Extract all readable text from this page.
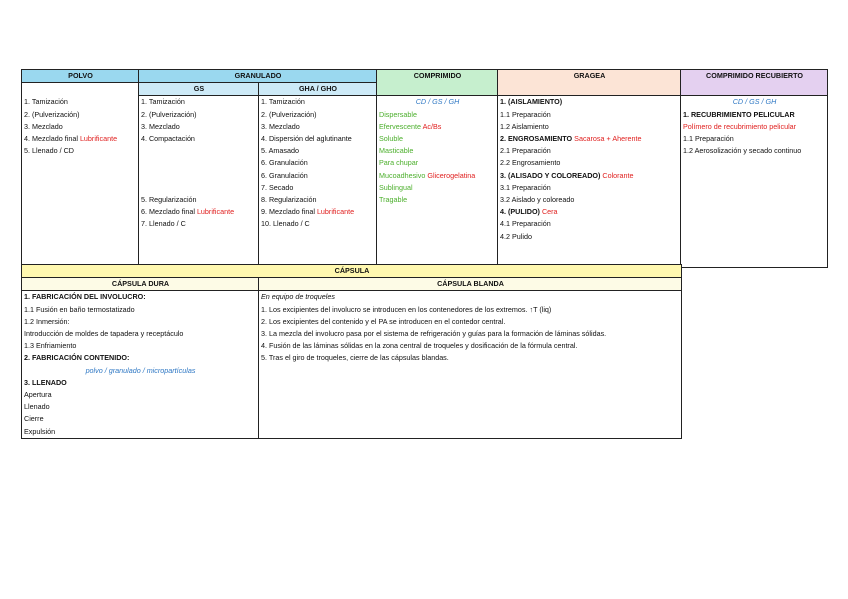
POLVO	GRANULADO		COMPRIMIDO	GRAGEA	COMPRIMIDO RECUBIERTO
	GS	GHA / GHO			
1. Tamización	1. Tamización	1. Tamización	CD / GS / GH	1. (AISLAMIENTO)	CD / GS / GH
2. (Pulverización)	2. (Pulverización)	2. (Pulverización)	Dispersable	1.1 Preparación	1. RECUBRIMIENTO PELICULAR
3. Mezclado	3. Mezclado	3. Mezclado	Efervescente Ac/Bs	1.2 Aislamiento	Polímero de recubrimiento pelicular
4. Mezclado final Lubrificante	4. Compactación	4. Dispersión del aglutinante	Soluble	2. ENGROSAMIENTO Sacarosa + Aherente	1.1 Preparación
5. Llenado / CD		5. Amasado	Masticable	2.1 Preparación	1.2 Aerosolización y secado continuo
		6. Granulación	Para chupar	2.2 Engrosamiento	
		6. Granulación	Mucoadhesivo Glicerogelatina	3. (ALISADO Y COLOREADO) Colorante	
		7. Secado	Sublingual	3.1 Preparación	
	5. Regularización	8. Regularización	Tragable	3.2 Aislado y coloreado	
	6. Mezclado final Lubrificante	9. Mezclado final Lubrificante		4. (PULIDO) Cera	
	7. Llenado / C	10. Llenado / C		4.1 Preparación	
				4.2 Pulido	

CÁPSULA	
CÁPSULA DURA	CÁPSULA BLANDA
1. FABRICACIÓN DEL INVOLUCRO:	En equipo de troqueles
1.1 Fusión en baño termostatizado	1. Los excipientes del involucro se introducen en los contenedores de los extremos. ↑T (liq)
1.2 Inmersión:	2. Los excipientes del contenido y el PA se introducen en el contedor central.
Introducción de moldes de tapadera y receptáculo	3. La mezcla del involucro pasa por el sistema de refrigeración y guías para la formación de láminas sólidas.
1.3 Enfriamiento	4. Fusión de las láminas sólidas en la zona central de troqueles y dosificación de la fórmula central.
2. FABRICACIÓN CONTENIDO:	5. Tras el giro de troqueles, cierre de las cápsulas blandas.
polvo / granulado / micropartículas	
3. LLENADO	
Apertura	
Llenado	
Cierre	
Expulsión	
